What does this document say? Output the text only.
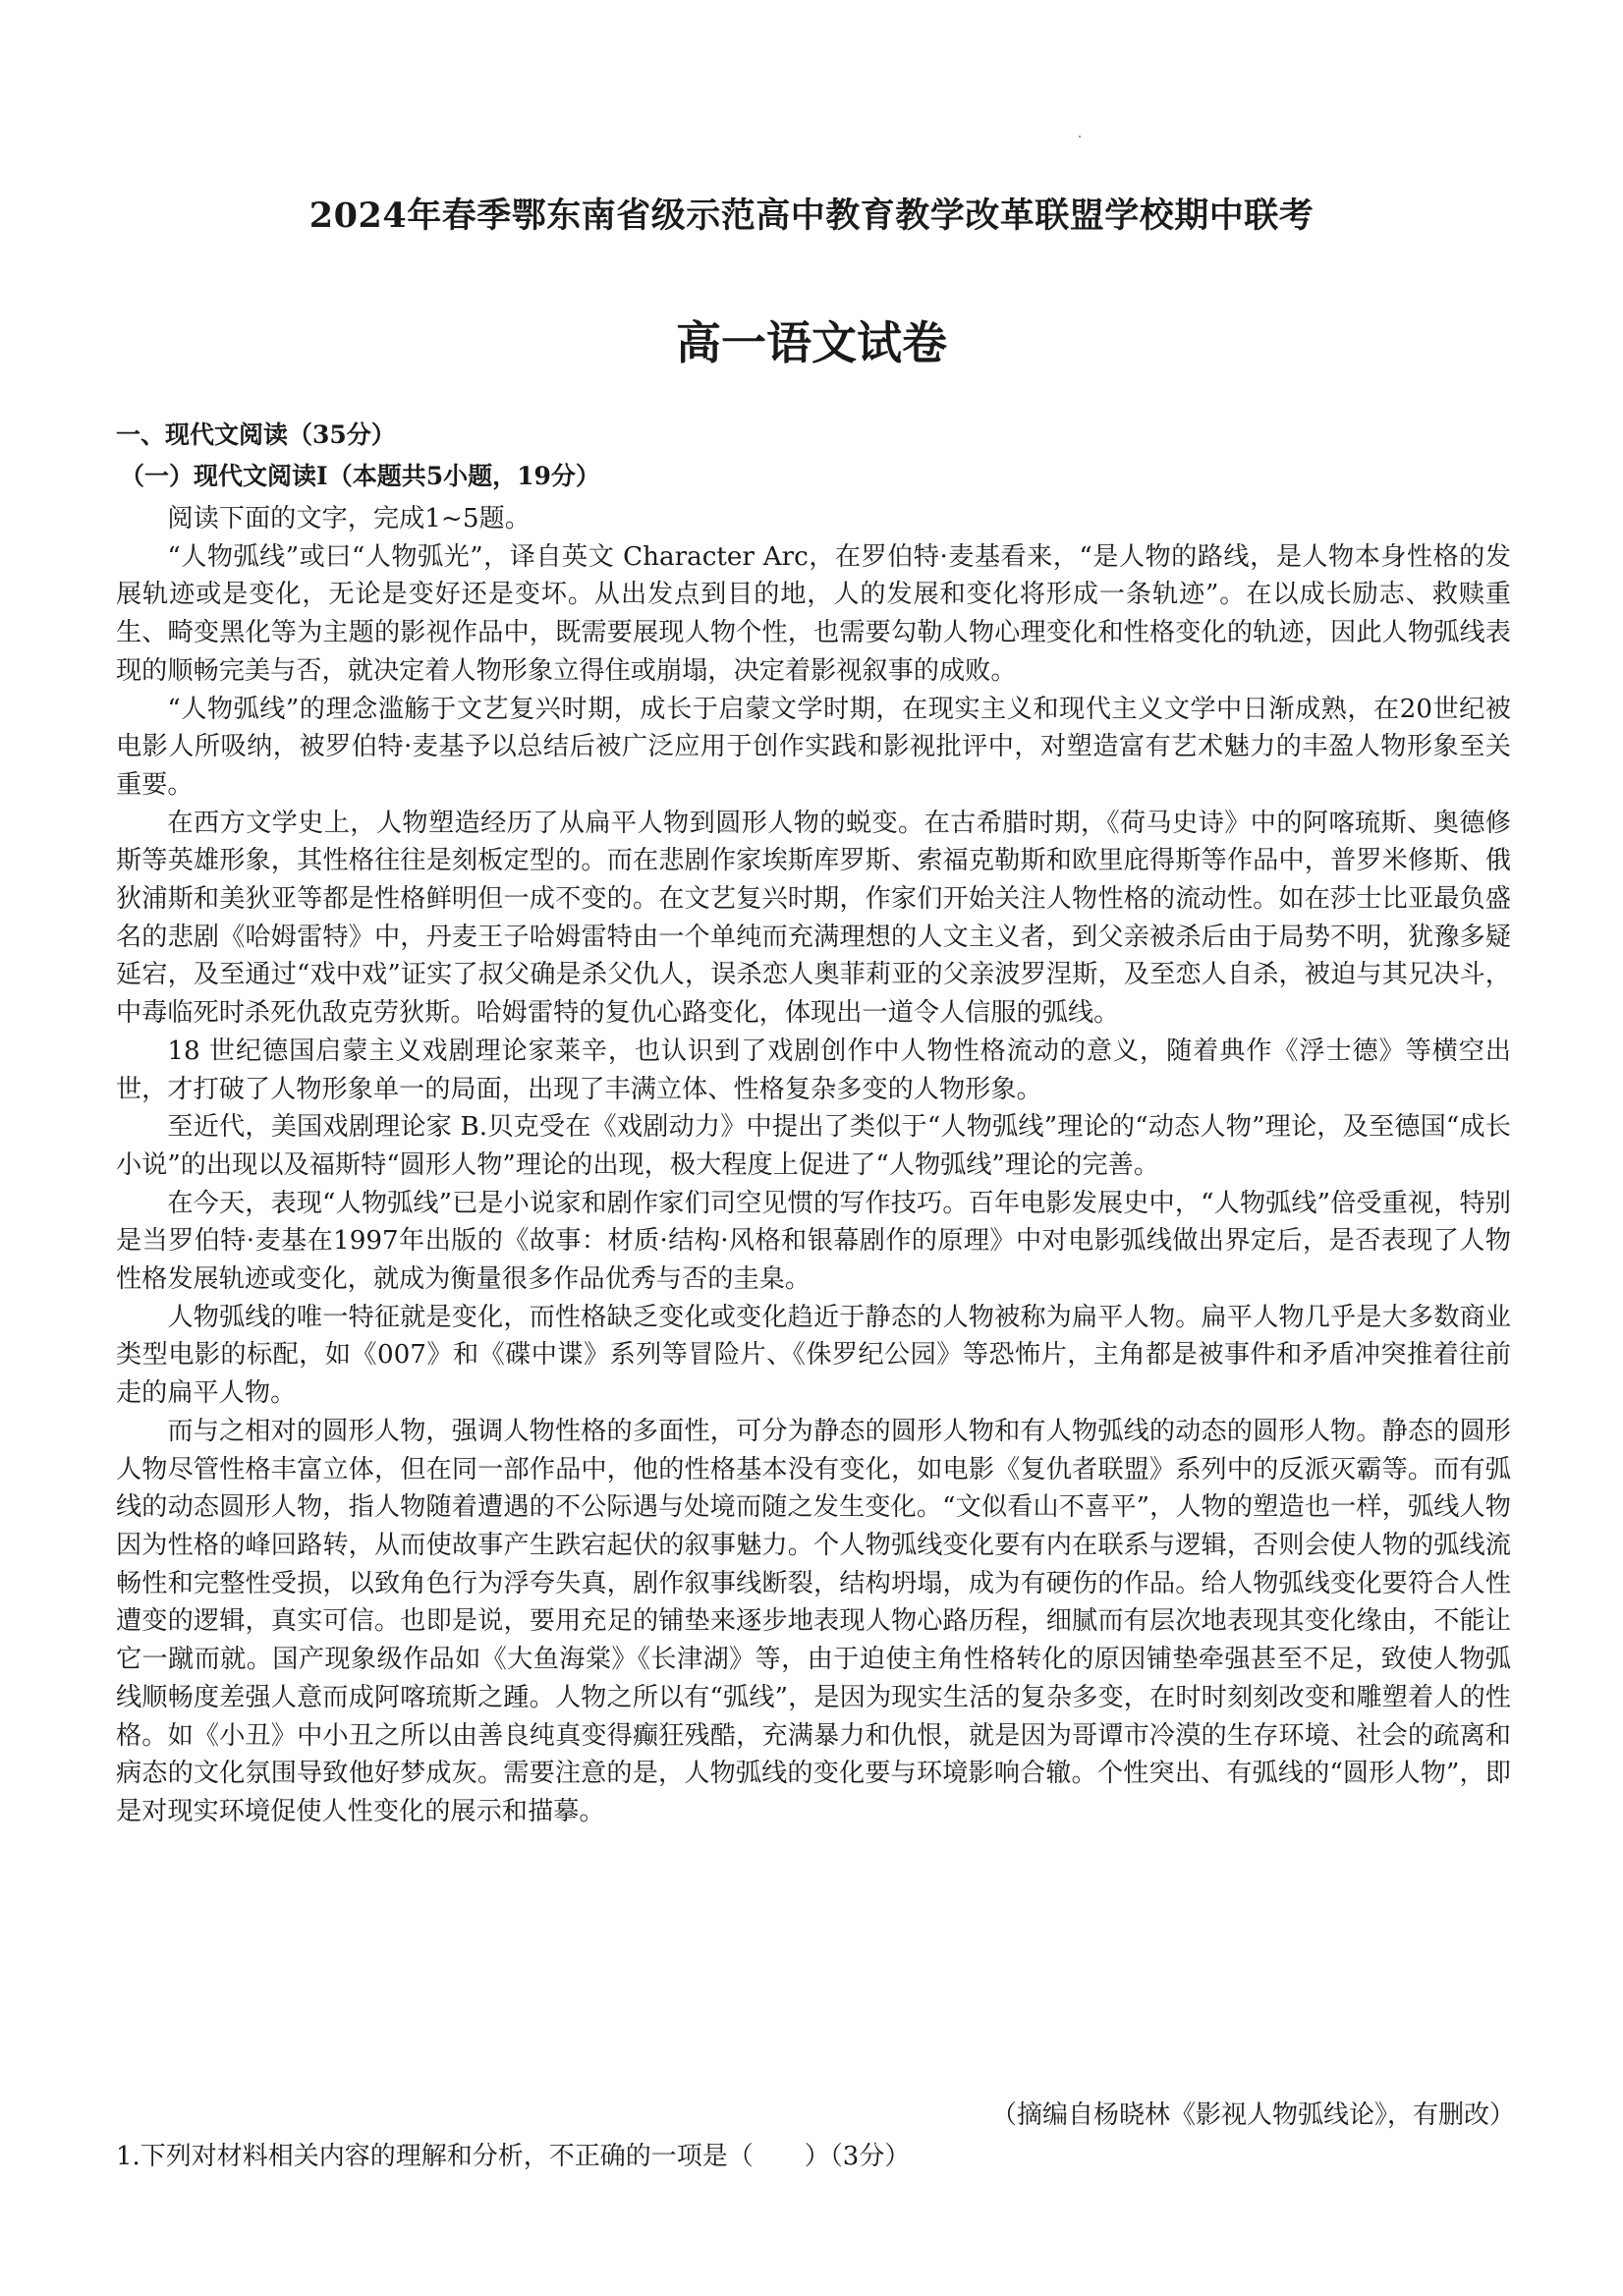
2024年春季鄂东南省级示范高中教育教学改革联盟学校期中联考
高一语文试卷
一、现代文阅读（35分）
（一）现代文阅读Ⅰ（本题共5小题，19分）

阅读下面的文字，完成1~5题。

“人物弧线”或曰“人物弧光”，译自英文 Character Arc，在罗伯特·麦基看来，“是人物的路线，是人物本身性格的发展轨迹或是变化，无论是变好还是变坏。从出发点到目的地，人的发展和变化将形成一条轨迹”。在以成长励志、救赎重生、畸变黑化等为主题的影视作品中，既需要展现人物个性，也需要勾勒人物心理变化和性格变化的轨迹，因此人物弧线表现的顺畅完美与否，就决定着人物形象立得住或崩塌，决定着影视叙事的成败。

“人物弧线”的理念滥觞于文艺复兴时期，成长于启蒙文学时期，在现实主义和现代主义文学中日渐成熟，在20世纪被电影人所吸纳，被罗伯特·麦基予以总结后被广泛应用于创作实践和影视批评中，对塑造富有艺术魅力的丰盈人物形象至关重要。

在西方文学史上，人物塑造经历了从扁平人物到圆形人物的蜕变。在古希腊时期，《荷马史诗》中的阿喀琉斯、奥德修斯等英雄形象，其性格往往是刻板定型的。而在悲剧作家埃斯库罗斯、索福克勒斯和欧里庇得斯等作品中，普罗米修斯、俄狄浦斯和美狄亚等都是性格鲜明但一成不变的。在文艺复兴时期，作家们开始关注人物性格的流动性。如在莎士比亚最负盛名的悲剧《哈姆雷特》中，丹麦王子哈姆雷特由一个单纯而充满理想的人文主义者，到父亲被杀后由于局势不明，犹豫多疑延宕，及至通过“戏中戏”证实了叔父确是杀父仇人，误杀恋人奥菲莉亚的父亲波罗涅斯，及至恋人自杀，被迫与其兄决斗，中毒临死时杀死仇敌克劳狄斯。哈姆雷特的复仇心路变化，体现出一道令人信服的弧线。

18 世纪德国启蒙主义戏剧理论家莱辛，也认识到了戏剧创作中人物性格流动的意义，随着典作《浮士德》等横空出世，才打破了人物形象单一的局面，出现了丰满立体、性格复杂多变的人物形象。

至近代，美国戏剧理论家 B.贝克受在《戏剧动力》中提出了类似于“人物弧线”理论的“动态人物”理论，及至德国“成长小说”的出现以及福斯特“圆形人物”理论的出现，极大程度上促进了“人物弧线”理论的完善。

在今天，表现“人物弧线”已是小说家和剧作家们司空见惯的写作技巧。百年电影发展史中，“人物弧线”倍受重视，特别是当罗伯特·麦基在1997年出版的《故事：材质·结构·风格和银幕剧作的原理》中对电影弧线做出界定后，是否表现了人物性格发展轨迹或变化，就成为衡量很多作品优秀与否的圭臬。

人物弧线的唯一特征就是变化，而性格缺乏变化或变化趋近于静态的人物被称为扁平人物。扁平人物几乎是大多数商业类型电影的标配，如《007》和《碟中谍》系列等冒险片、《侏罗纪公园》等恐怖片，主角都是被事件和矛盾冲突推着往前走的扁平人物。

而与之相对的圆形人物，强调人物性格的多面性，可分为静态的圆形人物和有人物弧线的动态的圆形人物。静态的圆形人物尽管性格丰富立体，但在同一部作品中，他的性格基本没有变化，如电影《复仇者联盟》系列中的反派灭霸等。而有弧线的动态圆形人物，指人物随着遭遇的不公际遇与处境而随之发生变化。“文似看山不喜平”，人物的塑造也一样，弧线人物因为性格的峰回路转，从而使故事产生跌宕起伏的叙事魅力。个人物弧线变化要有内在联系与逻辑，否则会使人物的弧线流畅性和完整性受损，以致角色行为浮夸失真，剧作叙事线断裂，结构坍塌，成为有硬伤的作品。给人物弧线变化要符合人性遭变的逻辑，真实可信。也即是说，要用充足的铺垫来逐步地表现人物心路历程，细腻而有层次地表现其变化缘由，不能让它一蹴而就。国产现象级作品如《大鱼海棠》《长津湖》等，由于迫使主角性格转化的原因铺垫牵强甚至不足，致使人物弧线顺畅度差强人意而成阿喀琉斯之踵。人物之所以有“弧线”，是因为现实生活的复杂多变，在时时刻刻改变和雕塑着人的性格。如《小丑》中小丑之所以由善良纯真变得癫狂残酷，充满暴力和仇恨，就是因为哥谭市冷漠的生存环境、社会的疏离和病态的文化氛围导致他好梦成灰。需要注意的是，人物弧线的变化要与环境影响合辙。个性突出、有弧线的“圆形人物”，即是对现实环境促使人性变化的展示和描摹。

（摘编自杨晓林《影视人物弧线论》，有删改）
1.下列对材料相关内容的理解和分析，不正确的一项是（　　）（3分）
